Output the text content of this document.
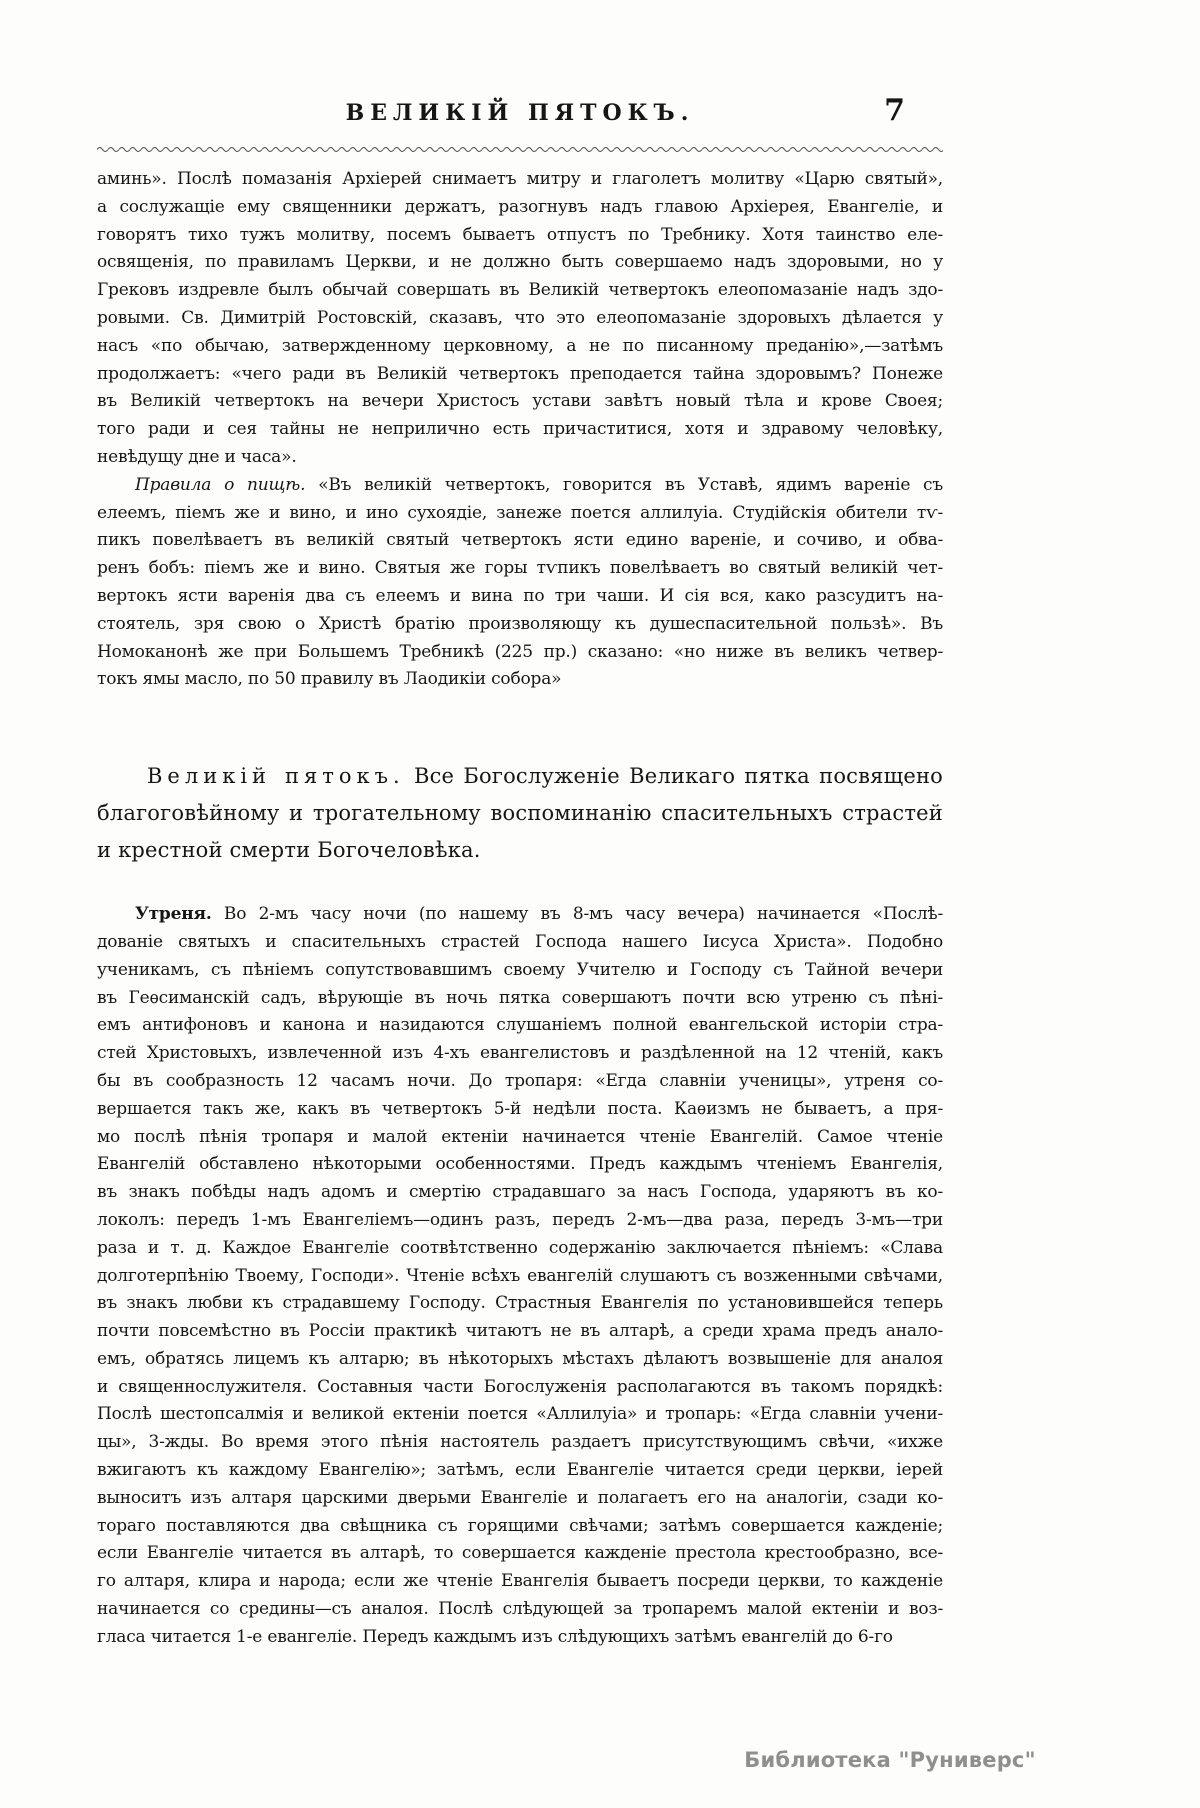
ВЕЛИКІЙ ПЯТОКЪ.	7
аминь». Послѣ помазанія Архіерей снимаетъ митру и глаголетъ молитву «Царю святый»,
а сослужащіе ему священники держатъ, разогнувъ надъ главою Архіерея, Евангеліе, и
говорятъ тихо тужъ молитву, посемъ бываетъ отпустъ по Требнику. Хотя таинство еле-
освященія, по правиламъ Церкви, и не должно быть совершаемо надъ здоровыми, но у
Грековъ издревле былъ обычай совершать въ Великій четвертокъ елеопомазаніе надъ здо-
ровыми. Св. Димитрій Ростовскій, сказавъ, что это елеопомазаніе здоровыхъ дѣлается у
насъ «по обычаю, затвержденному церковному, а не по писанному преданію»,—затѣмъ
продолжаетъ: «чего ради въ Великій четвертокъ преподается тайна здоровымъ? Понеже
въ Великій четвертокъ на вечери Христосъ устави завѣтъ новый тѣла и крове Своея;
того ради и сея тайны не неприлично есть причаститися, хотя и здравому человѣку,
невѣдущу дне и часа».
Правила о пищѣ. «Въ великій четвертокъ, говорится въ Уставѣ, ядимъ вареніе съ
елеемъ, піемъ же и вино, и ино сухоядіе, занеже поется аллилуіа. Студійскія обители тѵ-
пикъ повелѣваетъ въ великій святый четвертокъ ясти едино вареніе, и сочиво, и обва-
ренъ бобъ: піемъ же и вино. Святыя же горы тѵпикъ повелѣваетъ во святый великій чет-
вертокъ ясти варенія два съ елеемъ и вина по три чаши. И сія вся, како разсудитъ на-
стоятель, зря свою о Христѣ братію произволяющу къ душеспасительной пользѣ». Въ
Номоканонѣ же при Большемъ Требникѣ (225 пр.) сказано: «но ниже въ великъ четвер-
токъ ямы масло, по 50 правилу въ Лаодикіи собора»
Великій пятокъ. Все Богослуженіе Великаго пятка посвящено
благоговѣйному и трогательному воспоминанію спасительныхъ страстей
и крестной смерти Богочеловѣка.
Утреня. Во 2-мъ часу ночи (по нашему въ 8-мъ часу вечера) начинается «Послѣ-
дованіе святыхъ и спасительныхъ страстей Господа нашего Іисуса Христа». Подобно
ученикамъ, съ пѣніемъ сопутствовавшимъ своему Учителю и Господу съ Тайной вечери
въ Геѳсиманскій садъ, вѣрующіе въ ночь пятка совершаютъ почти всю утреню съ пѣні-
емъ антифоновъ и канона и назидаются слушаніемъ полной евангельской исторіи стра-
стей Христовыхъ, извлеченной изъ 4-хъ евангелистовъ и раздѣленной на 12 чтеній, какъ
бы въ сообразность 12 часамъ ночи. До тропаря: «Егда славніи ученицы», утреня со-
вершается такъ же, какъ въ четвертокъ 5-й недѣли поста. Каѳизмъ не бываетъ, а пря-
мо послѣ пѣнія тропаря и малой ектеніи начинается чтеніе Евангелій. Самое чтеніе
Евангелій обставлено нѣкоторыми особенностями. Предъ каждымъ чтеніемъ Евангелія,
въ знакъ побѣды надъ адомъ и смертію страдавшаго за насъ Господа, ударяютъ въ ко-
локолъ: передъ 1-мъ Евангеліемъ—одинъ разъ, передъ 2-мъ—два раза, передъ 3-мъ—три
раза и т. д. Каждое Евангеліе соотвѣтственно содержанію заключается пѣніемъ: «Слава
долготерпѣнію Твоему, Господи». Чтеніе всѣхъ евангелій слушаютъ съ возженными свѣчами,
въ знакъ любви къ страдавшему Господу. Страстныя Евангелія по установившейся теперь
почти повсемѣстно въ Россіи практикѣ читаютъ не въ алтарѣ, а среди храма предъ анало-
емъ, обратясь лицемъ къ алтарю; въ нѣкоторыхъ мѣстахъ дѣлаютъ возвышеніе для аналоя
и священнослужителя. Составныя части Богослуженія располагаются въ такомъ порядкѣ:
Послѣ шестопсалмія и великой ектеніи поется «Аллилуіа» и тропарь: «Егда славніи учени-
цы», 3-жды. Во время этого пѣнія настоятель раздаетъ присутствующимъ свѣчи, «ихже
вжигаютъ къ каждому Евангелію»; затѣмъ, если Евангеліе читается среди церкви, іерей
выноситъ изъ алтаря царскими дверьми Евангеліе и полагаетъ его на аналогіи, сзади ко-
тораго поставляются два свѣщника съ горящими свѣчами; затѣмъ совершается кажденіе;
если Евангеліе читается въ алтарѣ, то совершается кажденіе престола крестообразно, все-
го алтаря, клира и народа; если же чтеніе Евангелія бываетъ посреди церкви, то кажденіе
начинается со средины—съ аналоя. Послѣ слѣдующей за тропаремъ малой ектеніи и воз-
гласа читается 1-е евангеліе. Передъ каждымъ изъ слѣдующихъ затѣмъ евангелій до 6-го
Библиотека "Руниверс"
